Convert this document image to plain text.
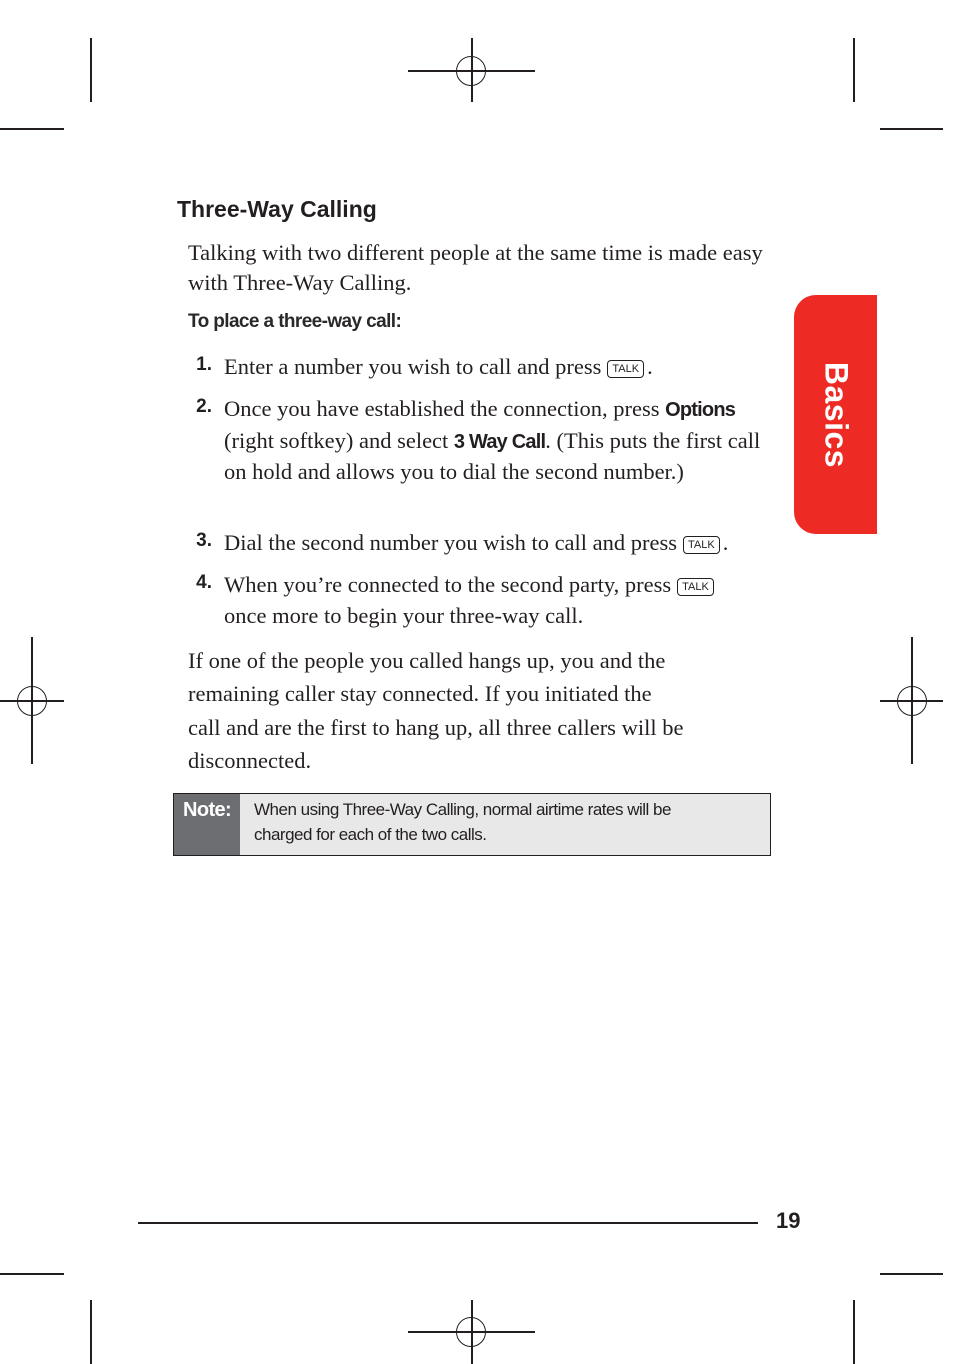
Three-Way Calling

Talking with two different people at the same time is made easy with Three-Way Calling.

To place a three-way call:

1. Enter a number you wish to call and press TALK .
2. Once you have established the connection, press Options (right softkey) and select 3 Way Call. (This puts the first call on hold and allows you to dial the second number.)
3. Dial the second number you wish to call and press TALK .
4. When you’re connected to the second party, press TALK
once more to begin your three-way call.

If one of the people you called hangs up, you and the
remaining caller stay connected. If you initiated the
call and are the first to hang up, all three callers will be
disconnected.

Note:	When using Three-Way Calling, normal airtime rates will be
charged for each of the two calls.
Basics
19
